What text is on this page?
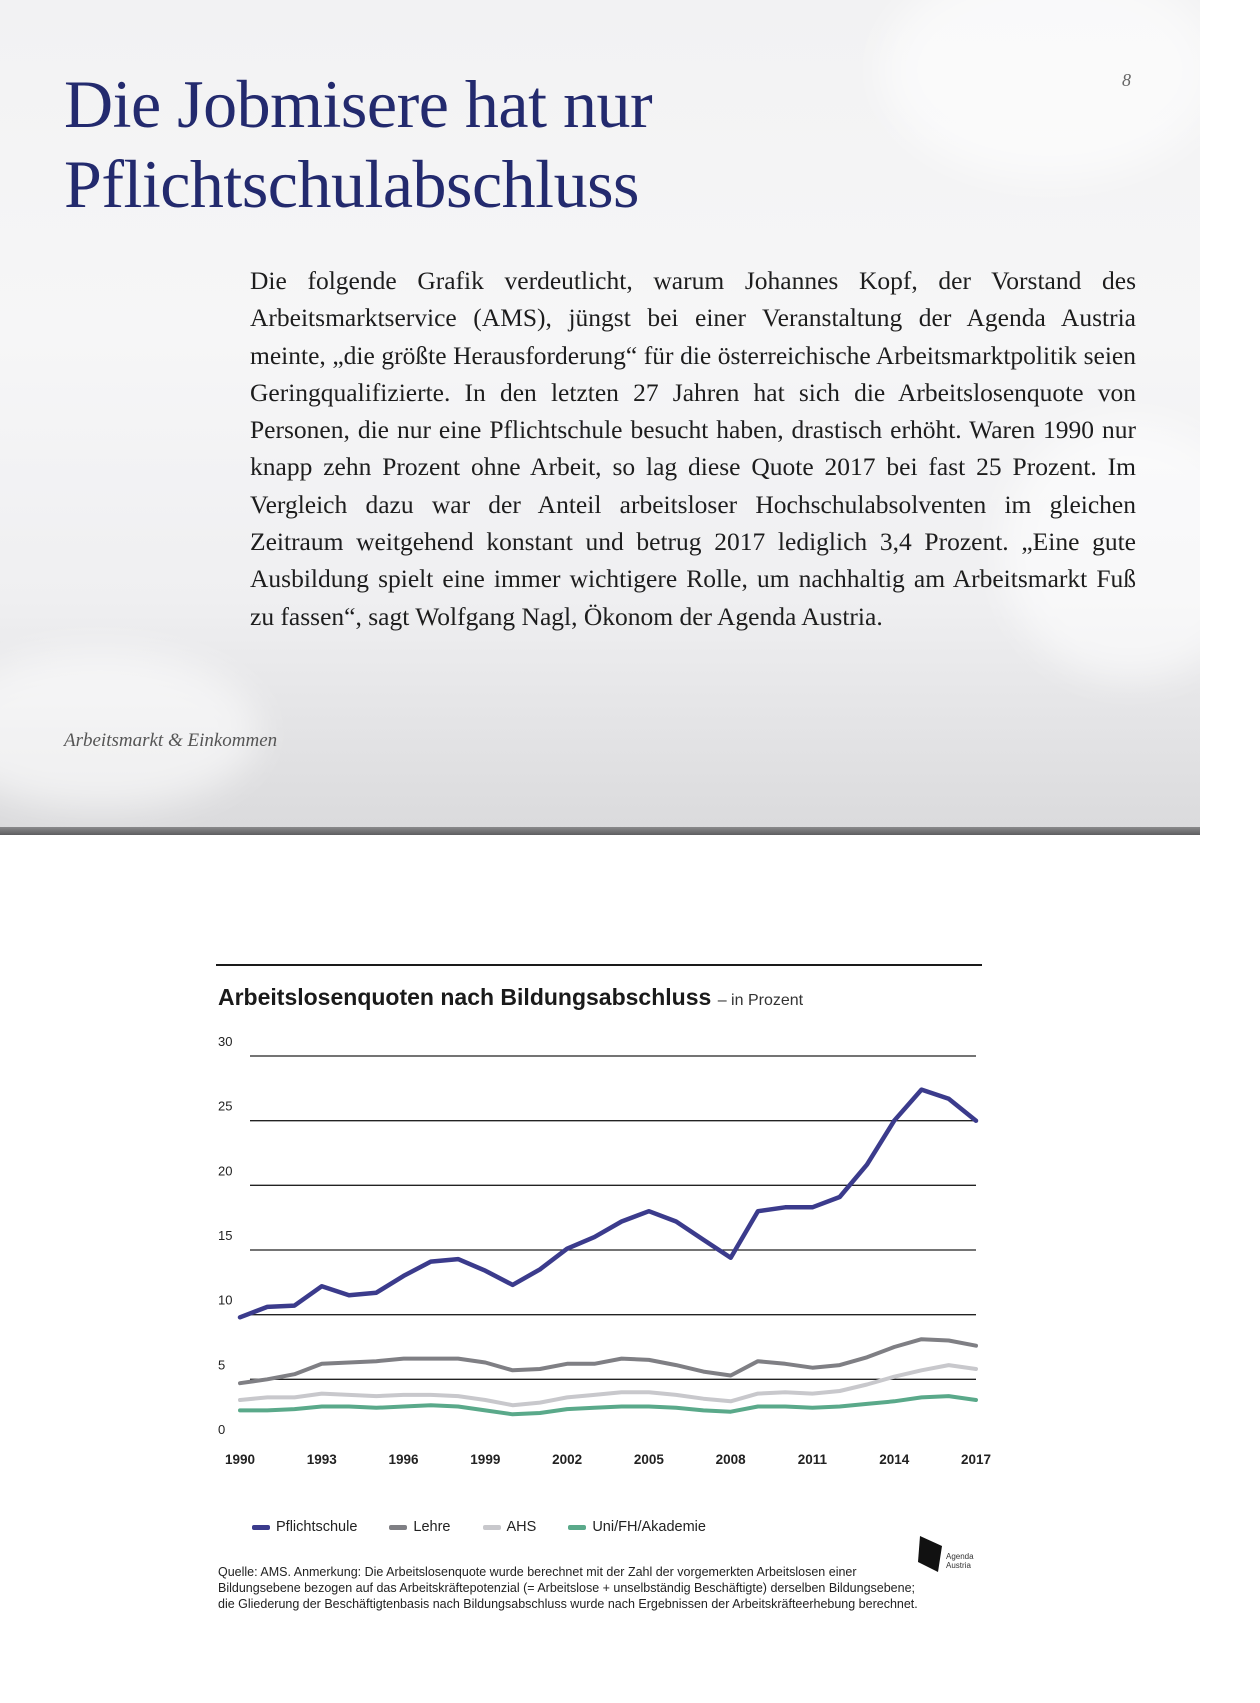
8
Die Jobmisere hat nur Pflichtschulabschluss

Die folgende Grafik verdeutlicht, warum Johannes Kopf, der Vorstand des Arbeitsmarktservice (AMS), jüngst bei einer Veranstaltung der Agenda Austria meinte, „die größte Herausforderung“ für die österreichische Arbeitsmarktpolitik seien Geringqualifizierte. In den letzten 27 Jahren hat sich die Arbeitslosenquote von Personen, die nur eine Pflichtschule besucht haben, drastisch erhöht. Waren 1990 nur knapp zehn Prozent ohne Arbeit, so lag diese Quote 2017 bei fast 25 Prozent. Im Vergleich dazu war der Anteil arbeitsloser Hochschulabsolventen im gleichen Zeitraum weitgehend konstant und betrug 2017 lediglich 3,4 Prozent. „Eine gute Ausbildung spielt eine immer wichtigere Rolle, um nachhaltig am Arbeitsmarkt Fuß zu fassen“, sagt Wolfgang Nagl, Ökonom der Agenda Austria.

Arbeitsmarkt & Einkommen
Arbeitslosenquoten nach Bildungsabschluss – in Prozent
0
5
10
15
20
25
30
1990	1993	1996	1999	2002	2005	2008	2011	2014	2017
Pflichtschule	Lehre	AHS	Uni/FH/Akademie
Agenda Austria
Quelle: AMS. Anmerkung: Die Arbeitslosenquote wurde berechnet mit der Zahl der vorgemerkten Arbeitslosen einer Bildungsebene bezogen auf das Arbeitskräftepotenzial (= Arbeitslose + unselbständig Beschäftigte) derselben Bildungsebene; die Gliederung der Beschäftigtenbasis nach Bildungsabschluss wurde nach Ergebnissen der Arbeitskräfteerhebung berechnet.
